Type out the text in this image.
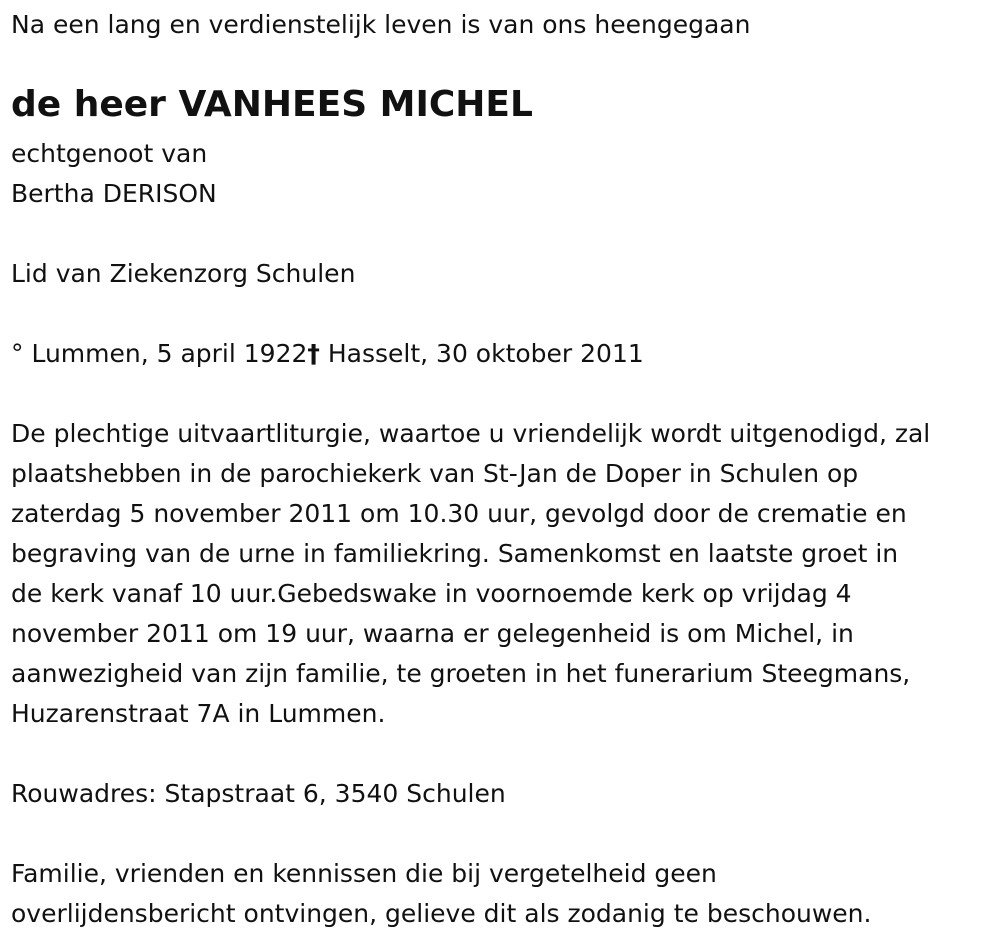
Na een lang en verdienstelijk leven is van ons heengegaan

de heer VANHEES MICHEL

echtgenoot van

Bertha DERISON

Lid van Ziekenzorg Schulen

° Lummen, 5 april 1922† Hasselt, 30 oktober 2011

De plechtige uitvaartliturgie, waartoe u vriendelijk wordt uitgenodigd, zal
plaatshebben in de parochiekerk van St-Jan de Doper in Schulen op
zaterdag 5 november 2011 om 10.30 uur, gevolgd door de crematie en
begraving van de urne in familiekring. Samenkomst en laatste groet in
de kerk vanaf 10 uur.Gebedswake in voornoemde kerk op vrijdag 4
november 2011 om 19 uur, waarna er gelegenheid is om Michel, in
aanwezigheid van zijn familie, te groeten in het funerarium Steegmans,
Huzarenstraat 7A in Lummen.

Rouwadres: Stapstraat 6, 3540 Schulen

Familie, vrienden en kennissen die bij vergetelheid geen
overlijdensbericht ontvingen, gelieve dit als zodanig te beschouwen.
